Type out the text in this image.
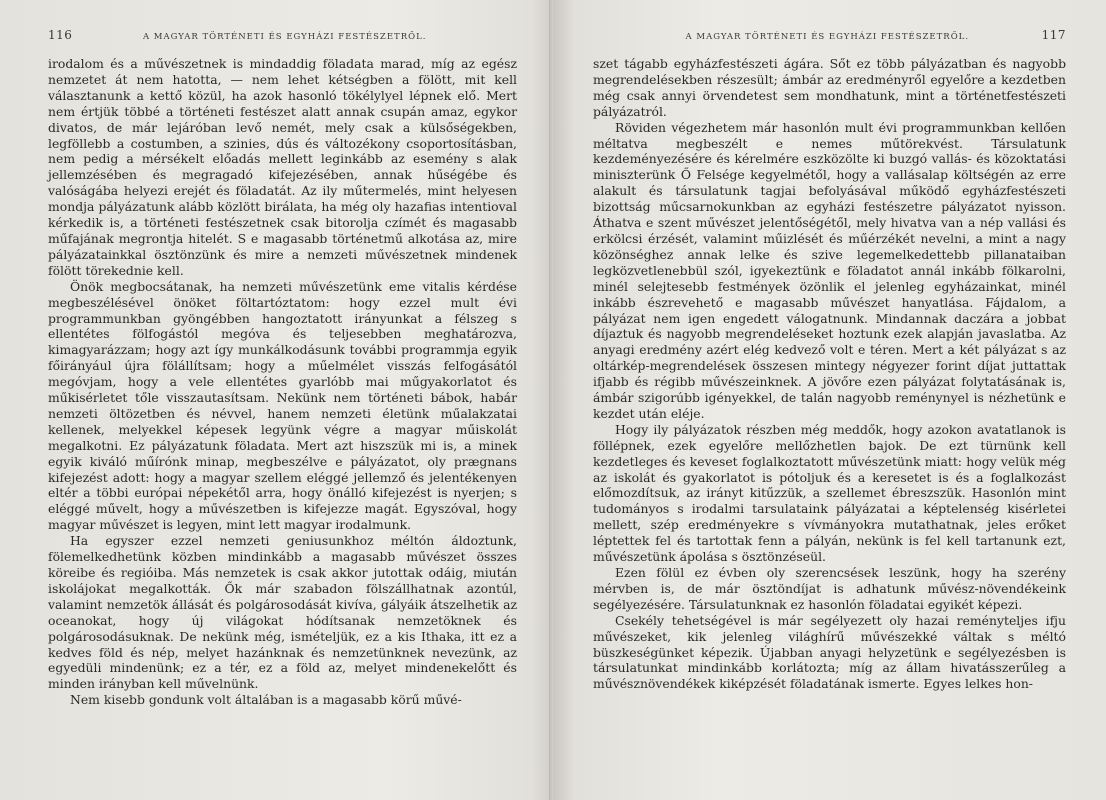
116	A MAGYAR TÖRTÉNETI ÉS EGYHÁZI FESTÉSZETRŐL.

irodalom és a művészetnek is mindaddig föladata marad, míg az egész nemzetet át nem hatotta, — nem lehet kétségben a fölött, mit kell választanunk a kettő közül, ha azok hasonló tökélylyel lépnek elő. Mert nem értjük többé a történeti festészet alatt annak csupán amaz, egykor divatos, de már lejáróban levő nemét, mely csak a külsőségekben, legföllebb a costumben, a szinies, dús és változékony csoportosításban, nem pedig a mérsékelt előadás mellett leginkább az esemény s alak jellemzésében és megragadó kifejezésében, annak hűségébe és valóságába helyezi erejét és föladatát. Az ily műtermelés, mint helyesen mondja pályázatunk alább közlött birálata, ha még oly hazafias intentioval kérkedik is, a történeti festészetnek csak bitorolja czímét és magasabb műfajának megrontja hitelét. S e magasabb történetmű alkotása az, mire pályázatainkkal ösztönzünk és mire a nemzeti művészetnek mindenek fölött törekednie kell.

Önök megbocsátanak, ha nemzeti művészetünk eme vitalis kérdése megbeszélésével önöket föltartóztatom: hogy ezzel mult évi programmunkban gyöngébben hangoztatott irányunkat a félszeg s ellentétes fölfogástól megóva és teljesebben meghatározva, kimagyarázzam; hogy azt így munkálkodásunk további programmja egyik főirányául újra fölállítsam; hogy a műelmélet visszás felfogásától megóvjam, hogy a vele ellentétes gyarlóbb mai műgyakorlatot és műkisérletet tőle visszautasítsam. Nekünk nem történeti bábok, habár nemzeti öltözetben és névvel, hanem nemzeti életünk műalakzatai kellenek, melyekkel képesek legyünk végre a magyar műiskolát megalkotni. Ez pályázatunk föladata. Mert azt hiszszük mi is, a minek egyik kiváló műírónk minap, megbeszélve e pályázatot, oly prægnans kifejezést adott: hogy a magyar szellem eléggé jellemző és jelentékenyen eltér a többi európai népekétől arra, hogy önálló kifejezést is nyerjen; s eléggé művelt, hogy a művészetben is kifejezze magát. Egyszóval, hogy magyar művészet is legyen, mint lett magyar irodalmunk.

Ha egyszer ezzel nemzeti geniusunkhoz méltón áldoztunk, fölemelkedhetünk közben mindinkább a magasabb művészet összes köreibe és regióiba. Más nemzetek is csak akkor jutottak odáig, miután iskolájokat megalkották. Ők már szabadon fölszállhatnak azontúl, valamint nemzetök állását és polgárosodását kivíva, gályáik átszelhetik az oceanokat, hogy új világokat hódítsanak nemzetöknek és polgárosodásuknak. De nekünk még, ismételjük, ez a kis Ithaka, itt ez a kedves föld és nép, melyet hazánknak és nemzetünknek nevezünk, az egyedüli mindenünk; ez a tér, ez a föld az, melyet mindenekelőtt és minden irányban kell művelnünk.

Nem kisebb gondunk volt általában is a magasabb körű művé-

A MAGYAR TÖRTÉNETI ÉS EGYHÁZI FESTÉSZETRŐL.	117

szet tágabb egyházfestészeti ágára. Sőt ez több pályázatban és nagyobb megrendelésekben részesült; ámbár az eredményről egyelőre a kezdetben még csak annyi örvendetest sem mondhatunk, mint a történetfestészeti pályázatról.

Röviden végezhetem már hasonlón mult évi programmunkban kellően méltatva megbeszélt e nemes műtörekvést. Társulatunk kezdeményezésére és kérelmére eszközölte ki buzgó vallás- és közoktatási miniszterünk Ő Felsége kegyelmétől, hogy a vallásalap költségén az erre alakult és társulatunk tagjai befolyásával működő egyházfestészeti bizottság műcsarnokunkban az egyházi festészetre pályázatot nyisson. Áthatva e szent művészet jelentőségétől, mely hivatva van a nép vallási és erkölcsi érzését, valamint műizlését és műérzékét nevelni, a mint a nagy közönséghez annak lelke és szive legemelkedettebb pillanataiban legközvetlenebbül szól, igyekeztünk e föladatot annál inkább fölkarolni, minél selejtesebb festmények özönlik el jelenleg egyházainkat, minél inkább észrevehető e magasabb művészet hanyatlása. Fájdalom, a pályázat nem igen engedett válogatnunk. Mindannak daczára a jobbat díjaztuk és nagyobb megrendeléseket hoztunk ezek alapján javaslatba. Az anyagi eredmény azért elég kedvező volt e téren. Mert a két pályázat s az oltárkép-megrendelések összesen mintegy négyezer forint díjat juttattak ifjabb és régibb művészeinknek. A jövőre ezen pályázat folytatásának is, ámbár szigorúbb igényekkel, de talán nagyobb reménynyel is nézhetünk e kezdet után eléje.

Hogy ily pályázatok részben még meddők, hogy azokon avatatlanok is föllépnek, ezek egyelőre mellőzhetlen bajok. De ezt türnünk kell kezdetleges és keveset foglalkoztatott művészetünk miatt: hogy velük még az iskolát és gyakorlatot is pótoljuk és a keresetet is és a foglalkozást előmozdítsuk, az irányt kitűzzük, a szellemet ébreszszük. Hasonlón mint tudományos s irodalmi tarsulataink pályázatai a képtelenség kisérletei mellett, szép eredményekre s vívmányokra mutathatnak, jeles erőket léptettek fel és tartottak fenn a pályán, nekünk is fel kell tartanunk ezt, művészetünk ápolása s ösztönzéseül.

Ezen fölül ez évben oly szerencsések leszünk, hogy ha szerény mérvben is, de már ösztöndíjat is adhatunk művész-növendékeink segélyezésére. Társulatunknak ez hasonlón föladatai egyikét képezi.

Csekély tehetségével is már segélyezett oly hazai reményteljes ifju művészeket, kik jelenleg világhírű művészekké váltak s méltó büszkeségünket képezik. Újabban anyagi helyzetünk e segélyezésben is társulatunkat mindinkább korlátozta; míg az állam hivatásszerűleg a művésznövendékek kiképzését föladatának ismerte. Egyes lelkes hon-
